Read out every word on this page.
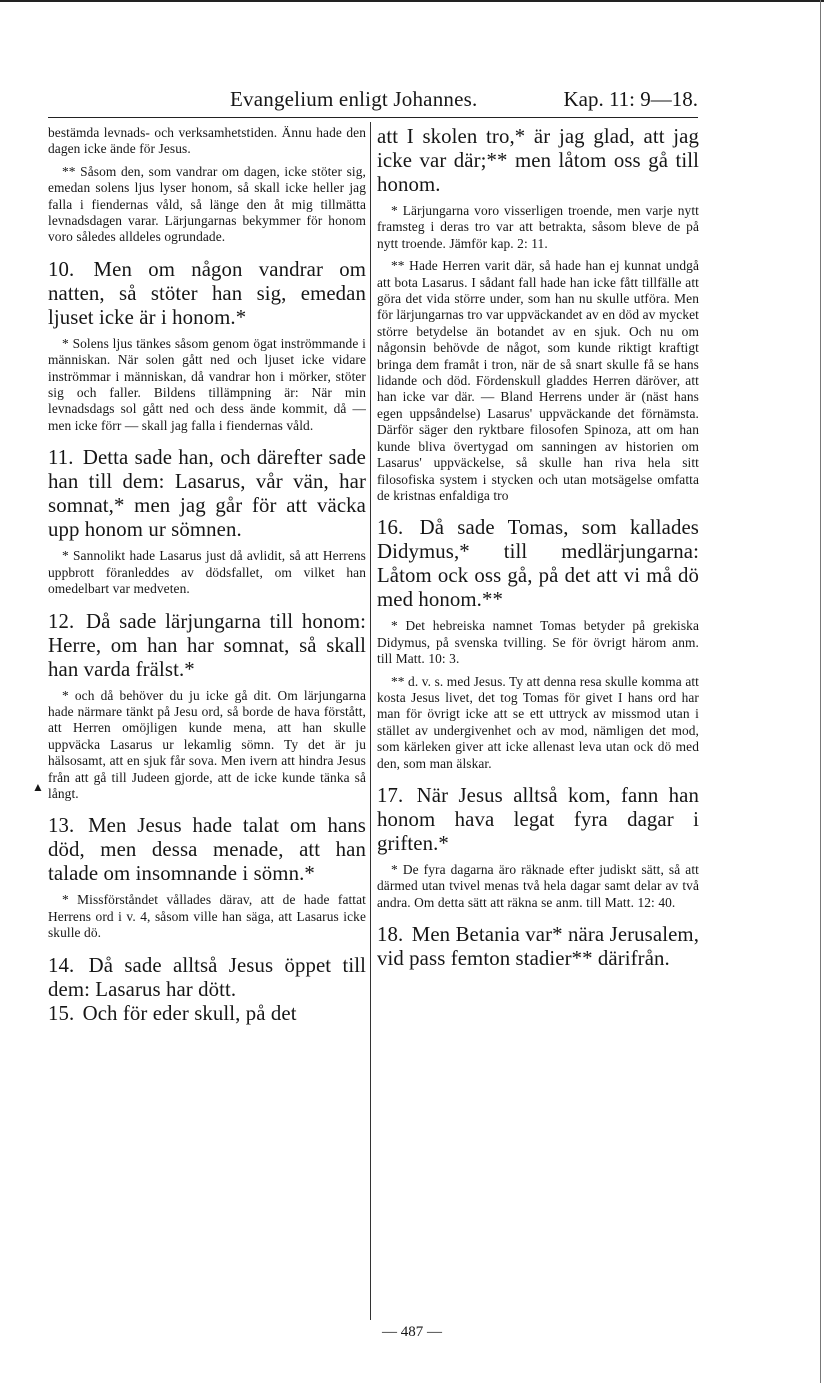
Evangelium enligt Johannes.	Kap. 11: 9—18.
▲

bestämda levnads- och verksamhetstiden. Ännu hade den dagen icke ände för Jesus.

** Såsom den, som vandrar om dagen, icke stöter sig, emedan solens ljus lyser honom, så skall icke heller jag falla i fiendernas våld, så länge den åt mig tillmätta levnadsdagen varar. Lärjungarnas bekymmer för honom voro således alldeles ogrundade.

10. Men om någon vandrar om natten, så stöter han sig, emedan ljuset icke är i honom.*

* Solens ljus tänkes såsom genom ögat inströmmande i människan. När solen gått ned och ljuset icke vidare inströmmar i människan, då vandrar hon i mörker, stöter sig och faller. Bildens tillämpning är: När min levnadsdags sol gått ned och dess ände kommit, då — men icke förr — skall jag falla i fiendernas våld.

11. Detta sade han, och därefter sade han till dem: Lasarus, vår vän, har somnat,* men jag går för att väcka upp honom ur sömnen.

* Sannolikt hade Lasarus just då avlidit, så att Herrens uppbrott föranleddes av dödsfallet, om vilket han omedelbart var medveten.

12. Då sade lärjungarna till honom: Herre, om han har somnat, så skall han varda frälst.*

* och då behöver du ju icke gå dit. Om lärjungarna hade närmare tänkt på Jesu ord, så borde de hava förstått, att Herren omöjligen kunde mena, att han skulle uppväcka Lasarus ur lekamlig sömn. Ty det är ju hälsosamt, att en sjuk får sova. Men ivern att hindra Jesus från att gå till Judeen gjorde, att de icke kunde tänka så långt.

13. Men Jesus hade talat om hans död, men dessa menade, att han talade om insomnande i sömn.*

* Missförståndet vållades därav, att de hade fattat Herrens ord i v. 4, såsom ville han säga, att Lasarus icke skulle dö.

14. Då sade alltså Jesus öppet till dem: Lasarus har dött.

15. Och för eder skull, på det

att I skolen tro,* är jag glad, att jag icke var där;** men låtom oss gå till honom.

* Lärjungarna voro visserligen troende, men varje nytt framsteg i deras tro var att betrakta, såsom bleve de på nytt troende. Jämför kap. 2: 11.

** Hade Herren varit där, så hade han ej kunnat undgå att bota Lasarus. I sådant fall hade han icke fått tillfälle att göra det vida större under, som han nu skulle utföra. Men för lärjungarnas tro var uppväckandet av en död av mycket större betydelse än botandet av en sjuk. Och nu om någonsin behövde de något, som kunde riktigt kraftigt bringa dem framåt i tron, när de så snart skulle få se hans lidande och död. Fördenskull gladdes Herren däröver, att han icke var där. — Bland Herrens under är (näst hans egen uppsåndelse) Lasarus' uppväckande det förnämsta. Därför säger den ryktbare filosofen Spinoza, att om han kunde bliva övertygad om sanningen av historien om Lasarus' uppväckelse, så skulle han riva hela sitt filosofiska system i stycken och utan motsägelse omfatta de kristnas enfaldiga tro

16. Då sade Tomas, som kallades Didymus,* till medlärjungarna: Låtom ock oss gå, på det att vi må dö med honom.**

* Det hebreiska namnet Tomas betyder på grekiska Didymus, på svenska tvilling. Se för övrigt härom anm. till Matt. 10: 3.

** d. v. s. med Jesus. Ty att denna resa skulle komma att kosta Jesus livet, det tog Tomas för givet I hans ord har man för övrigt icke att se ett uttryck av missmod utan i stället av undergivenhet och av mod, nämligen det mod, som kärleken giver att icke allenast leva utan ock dö med den, som man älskar.

17. När Jesus alltså kom, fann han honom hava legat fyra dagar i griften.*

* De fyra dagarna äro räknade efter judiskt sätt, så att därmed utan tvivel menas två hela dagar samt delar av två andra. Om detta sätt att räkna se anm. till Matt. 12: 40.

18. Men Betania var* nära Jerusalem, vid pass femton stadier** därifrån.

— 487 —
